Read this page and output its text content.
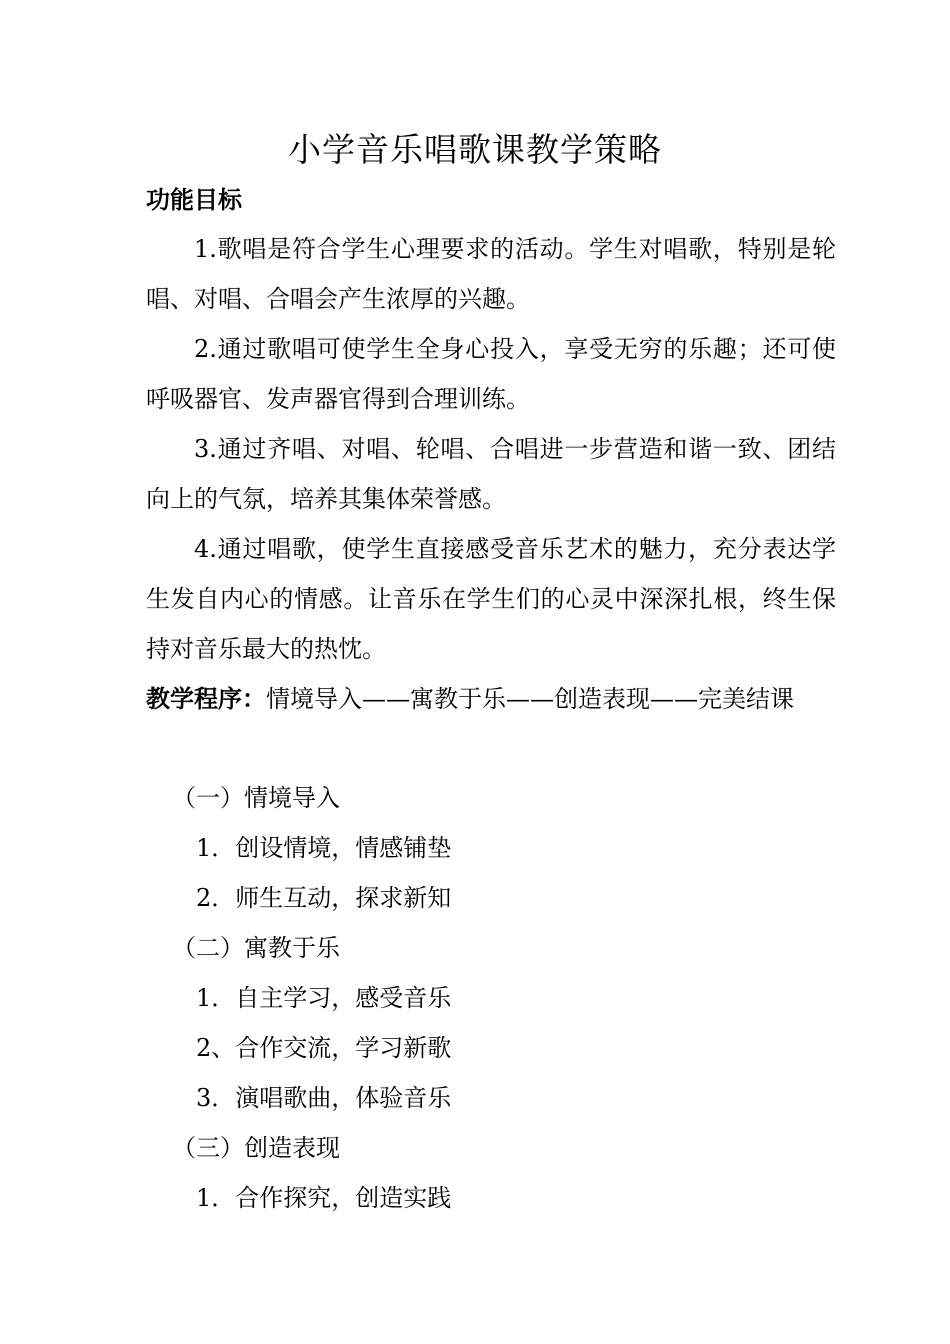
小学音乐唱歌课教学策略
功能目标
1.歌唱是符合学生心理要求的活动。学生对唱歌，特别是轮唱、对唱、合唱会产生浓厚的兴趣。
2.通过歌唱可使学生全身心投入，享受无穷的乐趣；还可使呼吸器官、发声器官得到合理训练。
3.通过齐唱、对唱、轮唱、合唱进一步营造和谐一致、团结向上的气氛，培养其集体荣誉感。
4.通过唱歌，使学生直接感受音乐艺术的魅力，充分表达学生发自内心的情感。让音乐在学生们的心灵中深深扎根，终生保持对音乐最大的热忱。
教学程序：情境导入——寓教于乐——创造表现——完美结课
（一）情境导入
1．创设情境，情感铺垫
2．师生互动，探求新知
（二）寓教于乐
1．自主学习，感受音乐
2、合作交流，学习新歌
3．演唱歌曲，体验音乐
（三）创造表现
1．合作探究，创造实践
